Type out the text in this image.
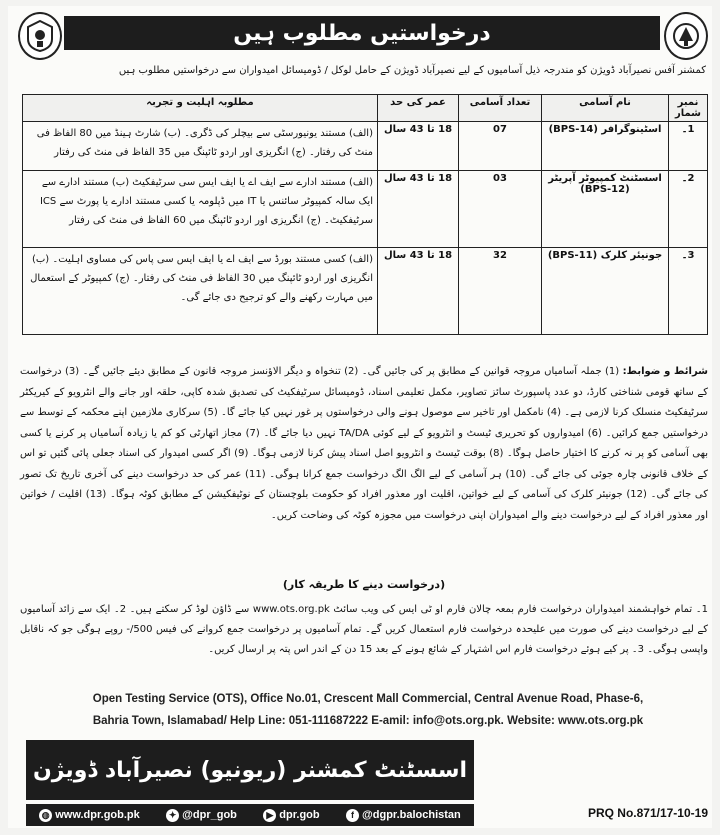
درخواستیں مطلوب ہیں
کمشنر آفس نصیرآباد ڈویژن کو مندرجہ ذیل آسامیوں کے لیے نصیرآباد ڈویژن کے حامل لوکل / ڈومیسائل امیدواران سے درخواستیں مطلوب ہیں
نمبر شمار	نام آسامی	تعداد آسامی	عمر کی حد	مطلوبہ اہلیت و تجربہ
1۔	اسٹینوگرافر (BPS-14)	07	18 تا 43 سال	(الف) مستند یونیورسٹی سے بیچلر کی ڈگری۔ (ب) شارٹ ہینڈ میں 80 الفاظ فی منٹ کی رفتار۔ (ج) انگریزی اور اردو ٹائپنگ میں 35 الفاظ فی منٹ کی رفتار
2۔	اسسٹنٹ کمپیوٹر آپریٹر (BPS-12)	03	18 تا 43 سال	(الف) مستند ادارے سے ایف اے یا ایف ایس سی سرٹیفکیٹ (ب) مستند ادارے سے ایک سالہ کمپیوٹر سائنس یا IT میں ڈپلومہ یا کسی مستند ادارے یا پورٹ سے ICS سرٹیفکیٹ۔ (ج) انگریزی اور اردو ٹائپنگ میں 60 الفاظ فی منٹ کی رفتار
3۔	جونیئر کلرک (BPS-11)	32	18 تا 43 سال	(الف) کسی مستند بورڈ سے ایف اے یا ایف ایس سی پاس کی مساوی اہلیت۔ (ب) انگریزی اور اردو ٹائپنگ میں 30 الفاظ فی منٹ کی رفتار۔ (ج) کمپیوٹر کے استعمال میں مہارت رکھنے والے کو ترجیح دی جائے گی۔
شرائط و ضوابط: (1) جملہ آسامیاں مروجہ قوانین کے مطابق پر کی جائیں گی۔ (2) تنخواہ و دیگر الاؤنسز مروجہ قانون کے مطابق دیئے جائیں گے۔ (3) درخواست کے ساتھ قومی شناختی کارڈ، دو عدد پاسپورٹ سائز تصاویر، مکمل تعلیمی اسناد، ڈومیسائل سرٹیفکیٹ کی تصدیق شدہ کاپی، حلقہ اور جانے والے انٹرویو کے کیریکٹر سرٹیفکیٹ منسلک کرنا لازمی ہے۔ (4) نامکمل اور تاخیر سے موصول ہونے والی درخواستوں پر غور نہیں کیا جائے گا۔ (5) سرکاری ملازمین اپنے محکمہ کے توسط سے درخواستیں جمع کرائیں۔ (6) امیدواروں کو تحریری ٹیسٹ و انٹرویو کے لیے کوئی TA/DA نہیں دیا جائے گا۔ (7) مجاز اتھارٹی کو کم یا زیادہ آسامیاں پر کرنے یا کسی بھی آسامی کو پر نہ کرنے کا اختیار حاصل ہوگا۔ (8) بوقت ٹیسٹ و انٹرویو اصل اسناد پیش کرنا لازمی ہوگا۔ (9) اگر کسی امیدوار کی اسناد جعلی پائی گئیں تو اس کے خلاف قانونی چارہ جوئی کی جائے گی۔ (10) ہر آسامی کے لیے الگ الگ درخواست جمع کرانا ہوگی۔ (11) عمر کی حد درخواست دینے کی آخری تاریخ تک تصور کی جائے گی۔ (12) جونیئر کلرک کی آسامی کے لیے خواتین، اقلیت اور معذور افراد کو حکومت بلوچستان کے نوٹیفکیشن کے مطابق کوٹہ ہوگا۔ (13) اقلیت / خواتین اور معذور افراد کے لیے درخواست دینے والے امیدواران اپنی درخواست میں مجوزہ کوٹہ کی وضاحت کریں۔
(درخواست دینے کا طریقہ کار)
1۔ تمام خواہشمند امیدواران درخواست فارم بمعہ چالان فارم او ٹی ایس کی ویب سائٹ www.ots.org.pk سے ڈاؤن لوڈ کر سکتے ہیں۔ 2۔ ایک سے زائد آسامیوں کے لیے درخواست دینے کی صورت میں علیحدہ درخواست فارم استعمال کریں گے۔ تمام آسامیوں پر درخواست جمع کروانے کی فیس 500/- روپے ہوگی جو کہ ناقابل واپسی ہوگی۔ 3۔ پر کیے ہوئے درخواست فارم اس اشتہار کے شائع ہونے کے بعد 15 دن کے اندر اس پتہ پر ارسال کریں۔
Open Testing Service (OTS), Office No.01, Crescent Mall Commercial, Central Avenue Road, Phase-6,
Bahria Town, Islamabad/ Help Line: 051-111687222 E-amil: info@ots.org.pk. Website: www.ots.org.pk
اسسٹنٹ کمشنر (ریونیو) نصیرآباد ڈویژن
◍ www.dpr.gob.pk	✦ @dpr_gob	▶ dpr.gob	f @dgpr.balochistan	PRQ No.871/17-10-19
